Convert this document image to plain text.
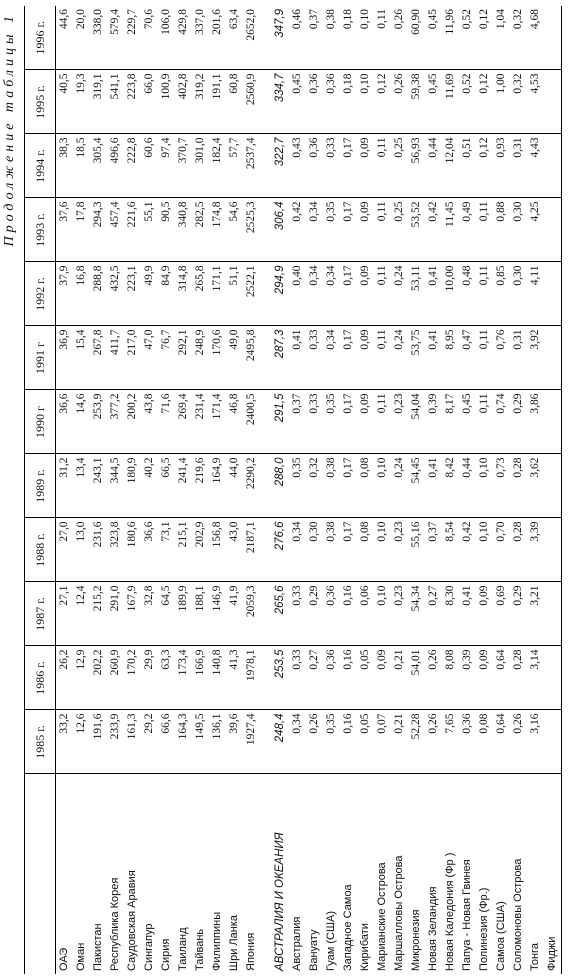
Продолжение таблицы 1
	1985 г.	1986 г.	1987 г.	1988 г.	1989 г.	1990 г	1991 г	1992 г.	1993 г.	1994 г.	1995 г.	1996 г.
ОАЭ	33,2	26,2	27,1	27,0	31,2	36,6	36,9	37,9	37,6	38,3	40,5	44,6
Оман	12,6	12,9	12,4	13,0	13,4	14,6	15,4	16,8	17,8	18,5	19,3	20,0
Пакистан	191,6	202,2	215,2	231,6	243,1	253,9	267,8	288,8	294,3	305,4	319,1	338,0
Республика Корея	233,9	260,9	291,0	323,8	344,5	377,2	411,7	432,5	457,4	496,6	541,1	579,4
Саудовская Аравия	161,3	170,2	167,9	180,6	180,9	200,2	217,0	223,1	221,6	222,8	223,8	229,7
Сингапур	29,2	29,9	32,8	36,6	40,2	43,8	47,0	49,9	55,1	60,6	66,0	70,6
Сирия	66,6	63,3	64,5	73,1	66,5	71,6	76,7	84,9	90,5	97,4	100,9	106,0
Таиланд	164,3	173,4	189,9	215,1	241,4	269,4	292,1	314,8	340,8	370,7	402,8	429,8
Тайвань	149,5	166,9	188,1	202,9	219,6	231,4	248,9	265,8	282,5	301,0	319,2	337,0
Филиппины	136,1	140,8	146,9	156,8	164,9	171,4	170,6	171,1	174,8	182,4	191,1	201,6
Шри Ланка	39,6	41,3	41,9	43,0	44,0	46,8	49,0	51,1	54,6	57,7	60,8	63,4
Япония	1927,4	1978,1	2059,3	2187,1	2290,2	2400,5	2495,8	2522,1	2525,3	2537,4	2560,9	2652,0

АВСТРАЛИЯ И ОКЕАНИЯ	248,4	253,5	265,6	276,6	288,0	291,5	287,3	294,9	306,4	322,7	334,7	347,9
Австралия	0,34	0,33	0,33	0,34	0,35	0,37	0,41	0,40	0,42	0,43	0,45	0,46
Вануату	0,26	0,27	0,29	0,30	0,32	0,33	0,33	0,34	0,34	0,36	0,36	0,37
Гуам (США)	0,35	0,36	0,36	0,38	0,38	0,35	0,34	0,34	0,35	0,33	0,36	0,38
Западное Самоа	0,16	0,16	0,16	0,17	0,17	0,17	0,17	0,17	0,17	0,17	0,18	0,18
Кирибати	0,05	0,05	0,06	0,08	0,08	0,09	0,09	0,09	0,09	0,09	0,10	0,10
Марианские Острова	0,07	0,09	0,10	0,10	0,10	0,11	0,11	0,11	0,11	0,11	0,12	0,11
Маршалловы Острова	0,21	0,21	0,23	0,23	0,24	0,23	0,24	0,24	0,25	0,25	0,26	0,26
Микронезия	52,28	54,01	54,34	55,16	54,45	54,04	53,75	53,11	53,52	56,93	59,38	60,90
Новая Зеландия	0,26	0,26	0,27	0,37	0,41	0,39	0,41	0,41	0,42	0,44	0,45	0,45
Новая Каледония (Фр )	7,65	8,08	8,30	8,54	8,42	8,17	8,95	10,00	11,45	12,04	11,69	11,96
Папуа - Новая Гвинея	0,36	0,39	0,41	0,42	0,44	0,45	0,47	0,48	0,49	0,51	0,52	0,52
Полинезия (Фр.)	0,08	0,09	0,09	0,10	0,10	0,11	0,11	0,11	0,11	0,12	0,12	0,12
Самоа (США)	0,64	0,64	0,69	0,70	0,73	0,74	0,76	0,85	0,88	0,93	1,00	1,04
Соломоновы Острова	0,26	0,28	0,29	0,28	0,28	0,29	0,31	0,30	0,30	0,31	0,32	0,32
Тонга	3,16	3,14	3,21	3,39	3,62	3,86	3,92	4,11	4,25	4,43	4,53	4,68
Фиджи												
